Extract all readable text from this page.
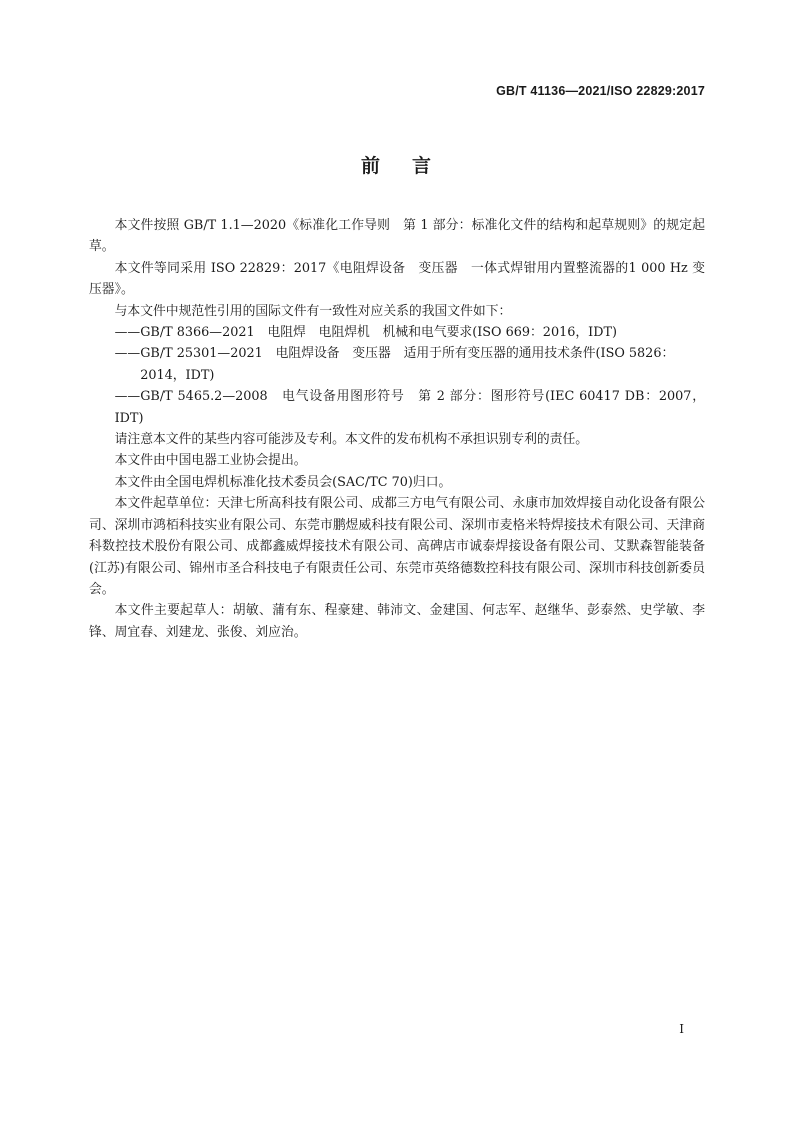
GB/T 41136—2021/ISO 22829:2017
前 言

本文件按照 GB/T 1.1—2020《标准化工作导则　第 1 部分：标准化文件的结构和起草规则》的规定起草。

本文件等同采用 ISO 22829：2017《电阻焊设备　变压器　一体式焊钳用内置整流器的1 000 Hz 变压器》。

与本文件中规范性引用的国际文件有一致性对应关系的我国文件如下：

——GB/T 8366—2021　电阻焊　电阻焊机　机械和电气要求(ISO 669：2016，IDT)

——GB/T 25301—2021　电阻焊设备　变压器　适用于所有变压器的通用技术条件(ISO 5826：
2014，IDT)

——GB/T 5465.2—2008　电气设备用图形符号　第 2 部分：图形符号(IEC 60417 DB：2007，IDT)

请注意本文件的某些内容可能涉及专利。本文件的发布机构不承担识别专利的责任。

本文件由中国电器工业协会提出。

本文件由全国电焊机标准化技术委员会(SAC/TC 70)归口。

本文件起草单位：天津七所高科技有限公司、成都三方电气有限公司、永康市加效焊接自动化设备有限公司、深圳市鸿栢科技实业有限公司、东莞市鹏煜威科技有限公司、深圳市麦格米特焊接技术有限公司、天津商科数控技术股份有限公司、成都鑫威焊接技术有限公司、高碑店市诚泰焊接设备有限公司、艾默森智能装备(江苏)有限公司、锦州市圣合科技电子有限责任公司、东莞市英络德数控科技有限公司、深圳市科技创新委员会。

本文件主要起草人：胡敏、蒲有东、程豪建、韩沛文、金建国、何志军、赵继华、彭泰然、史学敏、李锋、周宜春、刘建龙、张俊、刘应治。

I
